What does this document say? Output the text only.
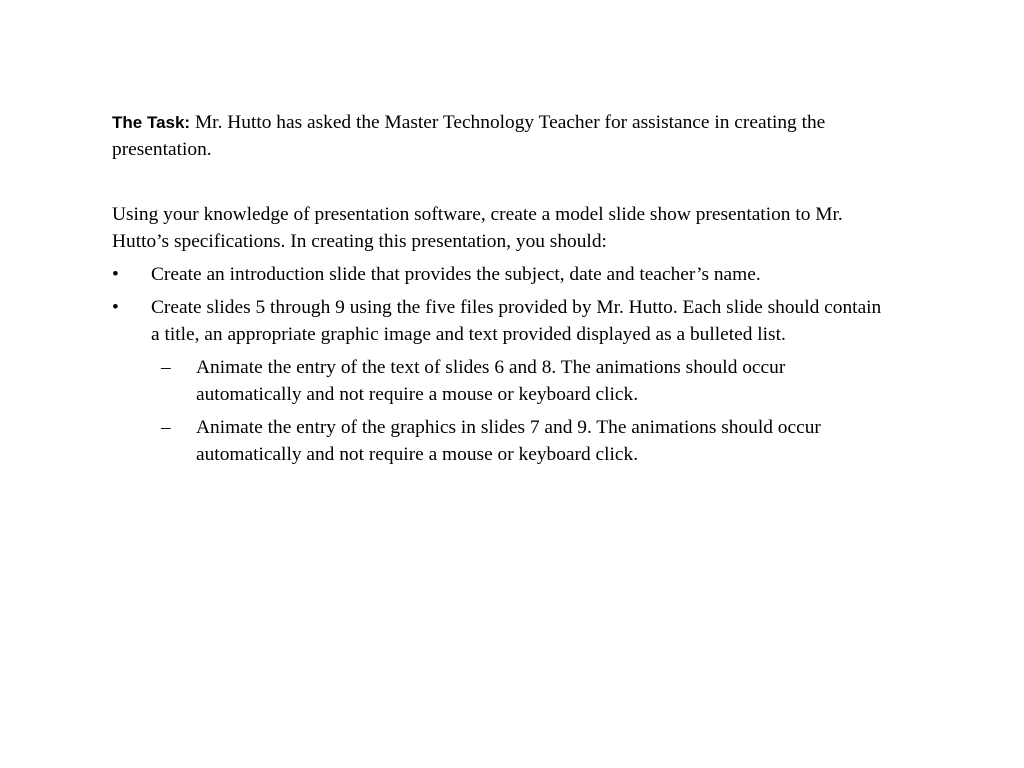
The Task: Mr. Hutto has asked the Master Technology Teacher for assistance in creating the presentation.

Using your knowledge of presentation software, create a model slide show presentation to Mr. Hutto’s specifications. In creating this presentation, you should:

•	Create an introduction slide that provides the subject, date and teacher’s name.
•	Create slides 5 through 9 using the five files provided by Mr. Hutto. Each slide should contain a title, an appropriate graphic image and text provided displayed as a bulleted list.
–	Animate the entry of the text of slides 6 and 8. The animations should occur automatically and not require a mouse or keyboard click.
–	Animate the entry of the graphics in slides 7 and 9. The animations should occur automatically and not require a mouse or keyboard click.
